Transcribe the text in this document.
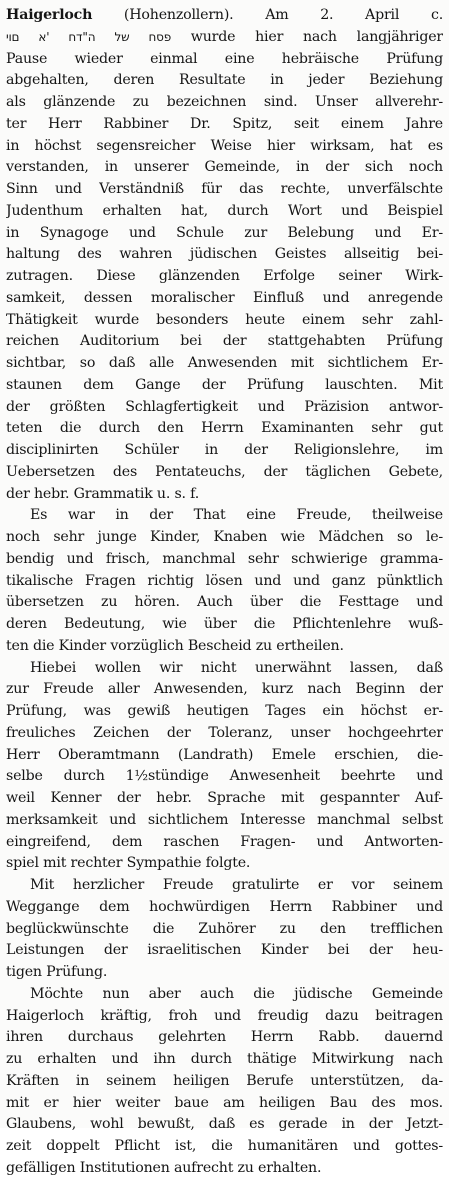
Haigerloch (Hohenzollern). Am 2. April c.
פסח של ה"דח 'א םוי wurde hier nach langjähriger
Pause wieder einmal eine hebräische Prüfung
abgehalten, deren Resultate in jeder Beziehung
als glänzende zu bezeichnen sind. Unser allverehr-
ter Herr Rabbiner Dr. Spitz, seit einem Jahre
in höchst segensreicher Weise hier wirksam, hat es
verstanden, in unserer Gemeinde, in der sich noch
Sinn und Verständniß für das rechte, unverfälschte
Judenthum erhalten hat, durch Wort und Beispiel
in Synagoge und Schule zur Belebung und Er-
haltung des wahren jüdischen Geistes allseitig bei-
zutragen. Diese glänzenden Erfolge seiner Wirk-
samkeit, dessen moralischer Einfluß und anregende
Thätigkeit wurde besonders heute einem sehr zahl-
reichen Auditorium bei der stattgehabten Prüfung
sichtbar, so daß alle Anwesenden mit sichtlichem Er-
staunen dem Gange der Prüfung lauschten. Mit
der größten Schlagfertigkeit und Präzision antwor-
teten die durch den Herrn Examinanten sehr gut
disciplinirten Schüler in der Religionslehre, im
Uebersetzen des Pentateuchs, der täglichen Gebete,
der hebr. Grammatik u. s. f.
Es war in der That eine Freude, theilweise
noch sehr junge Kinder, Knaben wie Mädchen so le-
bendig und frisch, manchmal sehr schwierige gramma-
tikalische Fragen richtig lösen und und ganz pünktlich
übersetzen zu hören. Auch über die Festtage und
deren Bedeutung, wie über die Pflichtenlehre wuß-
ten die Kinder vorzüglich Bescheid zu ertheilen.
Hiebei wollen wir nicht unerwähnt lassen, daß
zur Freude aller Anwesenden, kurz nach Beginn der
Prüfung, was gewiß heutigen Tages ein höchst er-
freuliches Zeichen der Toleranz, unser hochgeehrter
Herr Oberamtmann (Landrath) Emele erschien, die-
selbe durch 1½stündige Anwesenheit beehrte und
weil Kenner der hebr. Sprache mit gespannter Auf-
merksamkeit und sichtlichem Interesse manchmal selbst
eingreifend, dem raschen Fragen- und Antworten-
spiel mit rechter Sympathie folgte.
Mit herzlicher Freude gratulirte er vor seinem
Weggange dem hochwürdigen Herrn Rabbiner und
beglückwünschte die Zuhörer zu den trefflichen
Leistungen der israelitischen Kinder bei der heu-
tigen Prüfung.
Möchte nun aber auch die jüdische Gemeinde
Haigerloch kräftig, froh und freudig dazu beitragen
ihren durchaus gelehrten Herrn Rabb. dauernd
zu erhalten und ihn durch thätige Mitwirkung nach
Kräften in seinem heiligen Berufe unterstützen, da-
mit er hier weiter baue am heiligen Bau des mos.
Glaubens, wohl bewußt, daß es gerade in der Jetzt-
zeit doppelt Pflicht ist, die humanitären und gottes-
gefälligen Institutionen aufrecht zu erhalten.
